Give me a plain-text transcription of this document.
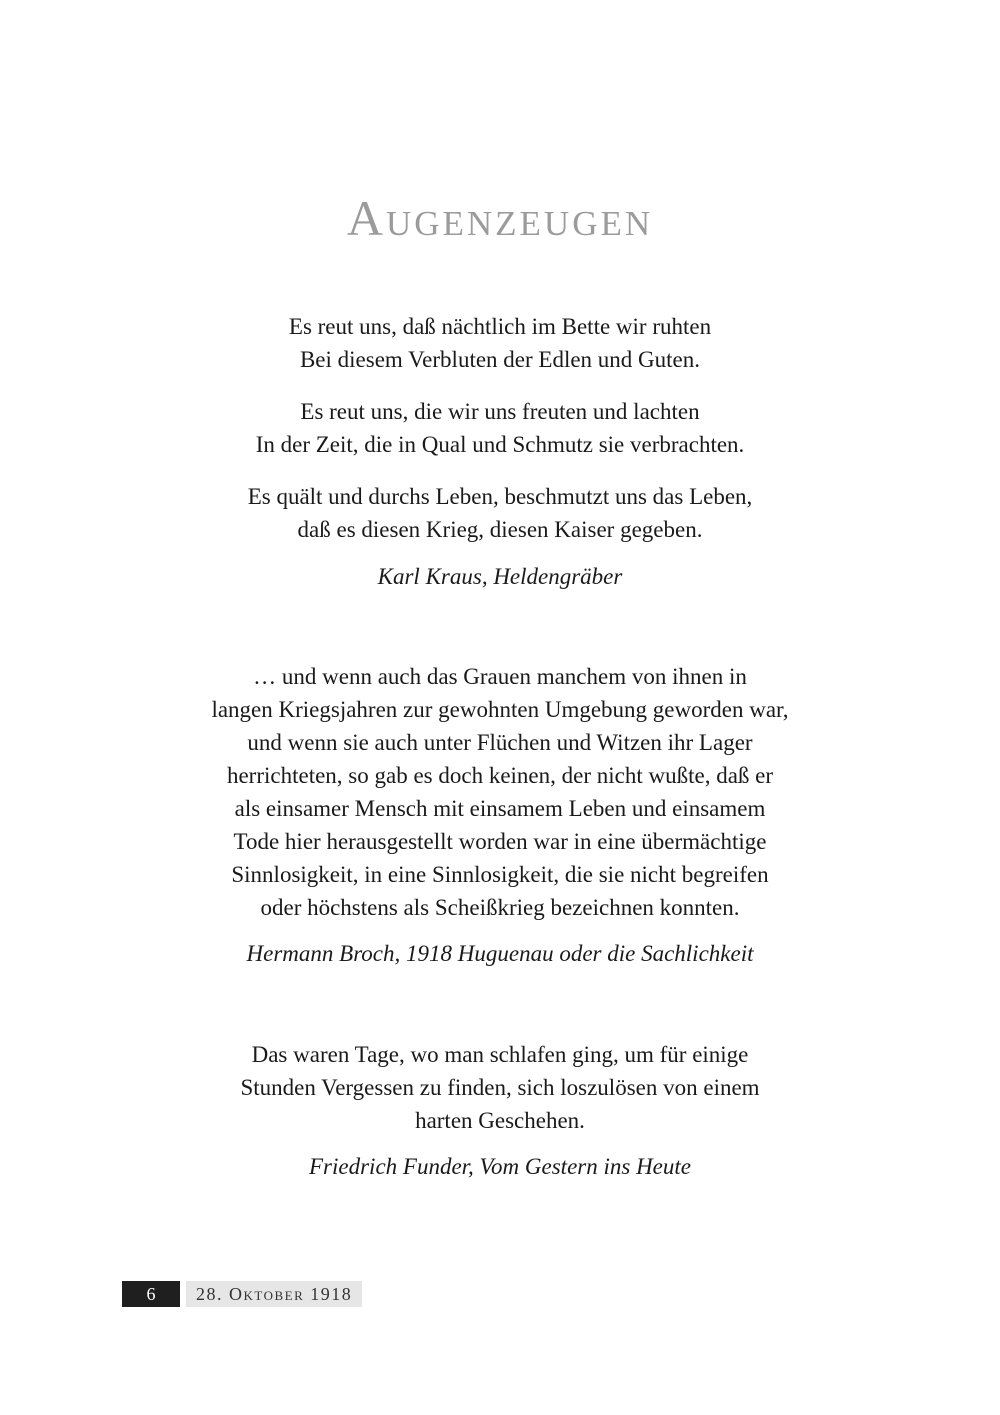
Augenzeugen

Es reut uns, daß nächtlich im Bette wir ruhten
Bei diesem Verbluten der Edlen und Guten.

Es reut uns, die wir uns freuten und lachten
In der Zeit, die in Qual und Schmutz sie verbrachten.

Es quält und durchs Leben, beschmutzt uns das Leben,
daß es diesen Krieg, diesen Kaiser gegeben.

Karl Kraus, Heldengräber

… und wenn auch das Grauen manchem von ihnen in
langen Kriegsjahren zur gewohnten Umgebung geworden war,
und wenn sie auch unter Flüchen und Witzen ihr Lager
herrichteten, so gab es doch keinen, der nicht wußte, daß er
als einsamer Mensch mit einsamem Leben und einsamem
Tode hier herausgestellt worden war in eine übermächtige
Sinnlosigkeit, in eine Sinnlosigkeit, die sie nicht begreifen
oder höchstens als Scheißkrieg bezeichnen konnten.

Hermann Broch, 1918 Huguenau oder die Sachlichkeit

Das waren Tage, wo man schlafen ging, um für einige
Stunden Vergessen zu finden, sich loszulösen von einem
harten Geschehen.

Friedrich Funder, Vom Gestern ins Heute
6	28. Oktober 1918
